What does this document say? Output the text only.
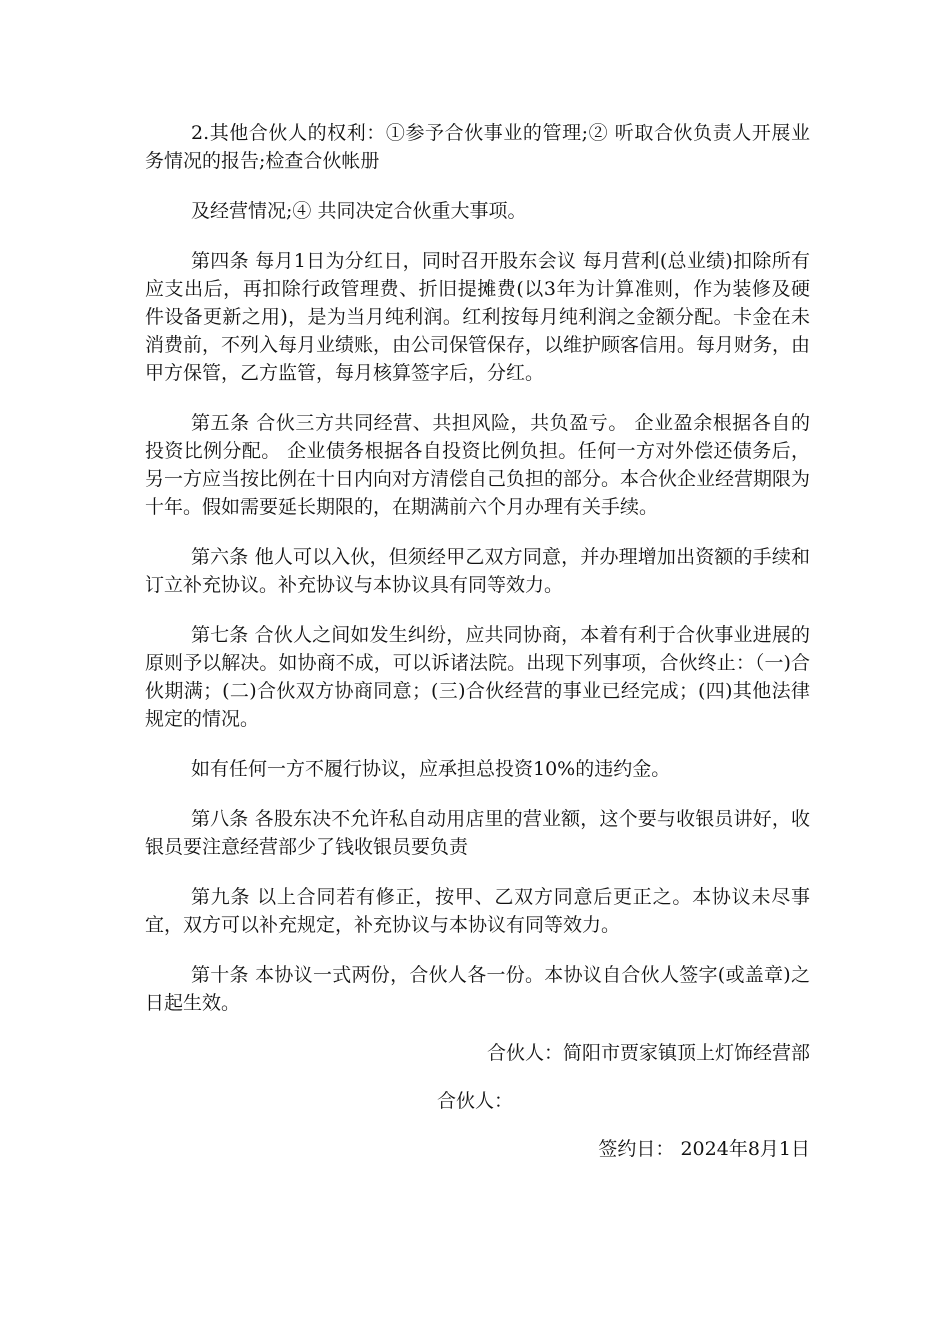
2.其他合伙人的权利：①参予合伙事业的管理;② 听取合伙负责人开展业务情况的报告;检查合伙帐册

及经营情况;④ 共同决定合伙重大事项。

第四条 每月1日为分红日，同时召开股东会议 每月营利(总业绩)扣除所有应支出后，再扣除行政管理费、折旧提摊费(以3年为计算准则，作为装修及硬件设备更新之用)，是为当月纯利润。红利按每月纯利润之金额分配。卡金在未消费前，不列入每月业绩账，由公司保管保存，以维护顾客信用。每月财务，由甲方保管，乙方监管，每月核算签字后，分红。

第五条 合伙三方共同经营、共担风险，共负盈亏。 企业盈余根据各自的投资比例分配。 企业债务根据各自投资比例负担。任何一方对外偿还债务后，另一方应当按比例在十日内向对方清偿自己负担的部分。本合伙企业经营期限为十年。假如需要延长期限的，在期满前六个月办理有关手续。

第六条 他人可以入伙，但须经甲乙双方同意，并办理增加出资额的手续和订立补充协议。补充协议与本协议具有同等效力。

第七条 合伙人之间如发生纠纷，应共同协商，本着有利于合伙事业进展的原则予以解决。如协商不成，可以诉诸法院。出现下列事项，合伙终止：（一)合伙期满；(二)合伙双方协商同意；(三)合伙经营的事业已经完成；(四)其他法律规定的情况。

如有任何一方不履行协议，应承担总投资10%的违约金。

第八条 各股东决不允许私自动用店里的营业额，这个要与收银员讲好，收银员要注意经营部少了钱收银员要负责

第九条 以上合同若有修正，按甲、乙双方同意后更正之。本协议未尽事宜，双方可以补充规定，补充协议与本协议有同等效力。

第十条 本协议一式两份，合伙人各一份。本协议自合伙人签字(或盖章)之日起生效。

合伙人：简阳市贾家镇顶上灯饰经营部

合伙人：

签约日： 2024年8月1日
